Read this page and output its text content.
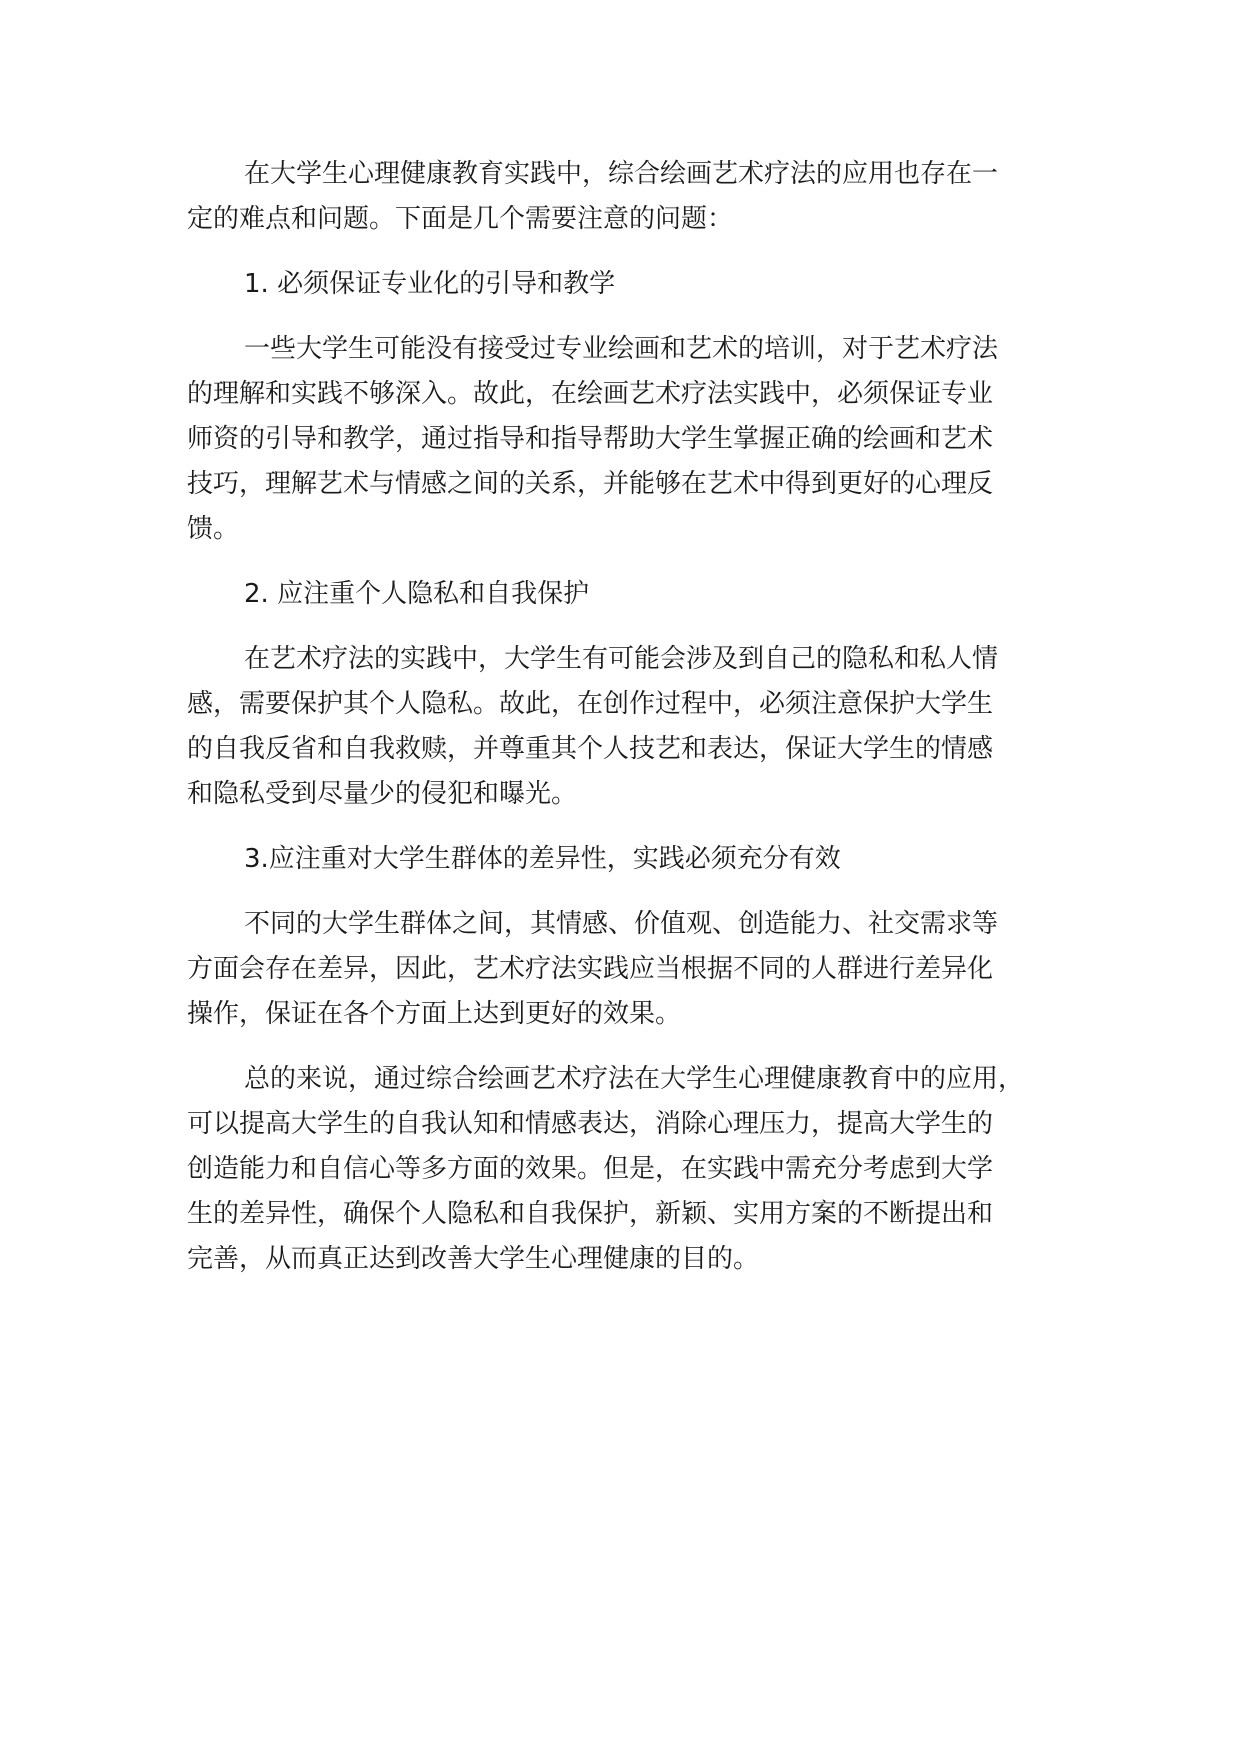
在大学生心理健康教育实践中，综合绘画艺术疗法的应用也存在一
定的难点和问题。下面是几个需要注意的问题：
1. 必须保证专业化的引导和教学
一些大学生可能没有接受过专业绘画和艺术的培训，对于艺术疗法
的理解和实践不够深入。故此，在绘画艺术疗法实践中，必须保证专业
师资的引导和教学，通过指导和指导帮助大学生掌握正确的绘画和艺术
技巧，理解艺术与情感之间的关系，并能够在艺术中得到更好的心理反
馈。
2. 应注重个人隐私和自我保护
在艺术疗法的实践中，大学生有可能会涉及到自己的隐私和私人情
感，需要保护其个人隐私。故此，在创作过程中，必须注意保护大学生
的自我反省和自我救赎，并尊重其个人技艺和表达，保证大学生的情感
和隐私受到尽量少的侵犯和曝光。
3.应注重对大学生群体的差异性，实践必须充分有效
不同的大学生群体之间，其情感、价值观、创造能力、社交需求等
方面会存在差异，因此，艺术疗法实践应当根据不同的人群进行差异化
操作，保证在各个方面上达到更好的效果。
总的来说，通过综合绘画艺术疗法在大学生心理健康教育中的应用，
可以提高大学生的自我认知和情感表达，消除心理压力，提高大学生的
创造能力和自信心等多方面的效果。但是，在实践中需充分考虑到大学
生的差异性，确保个人隐私和自我保护，新颖、实用方案的不断提出和
完善，从而真正达到改善大学生心理健康的目的。
